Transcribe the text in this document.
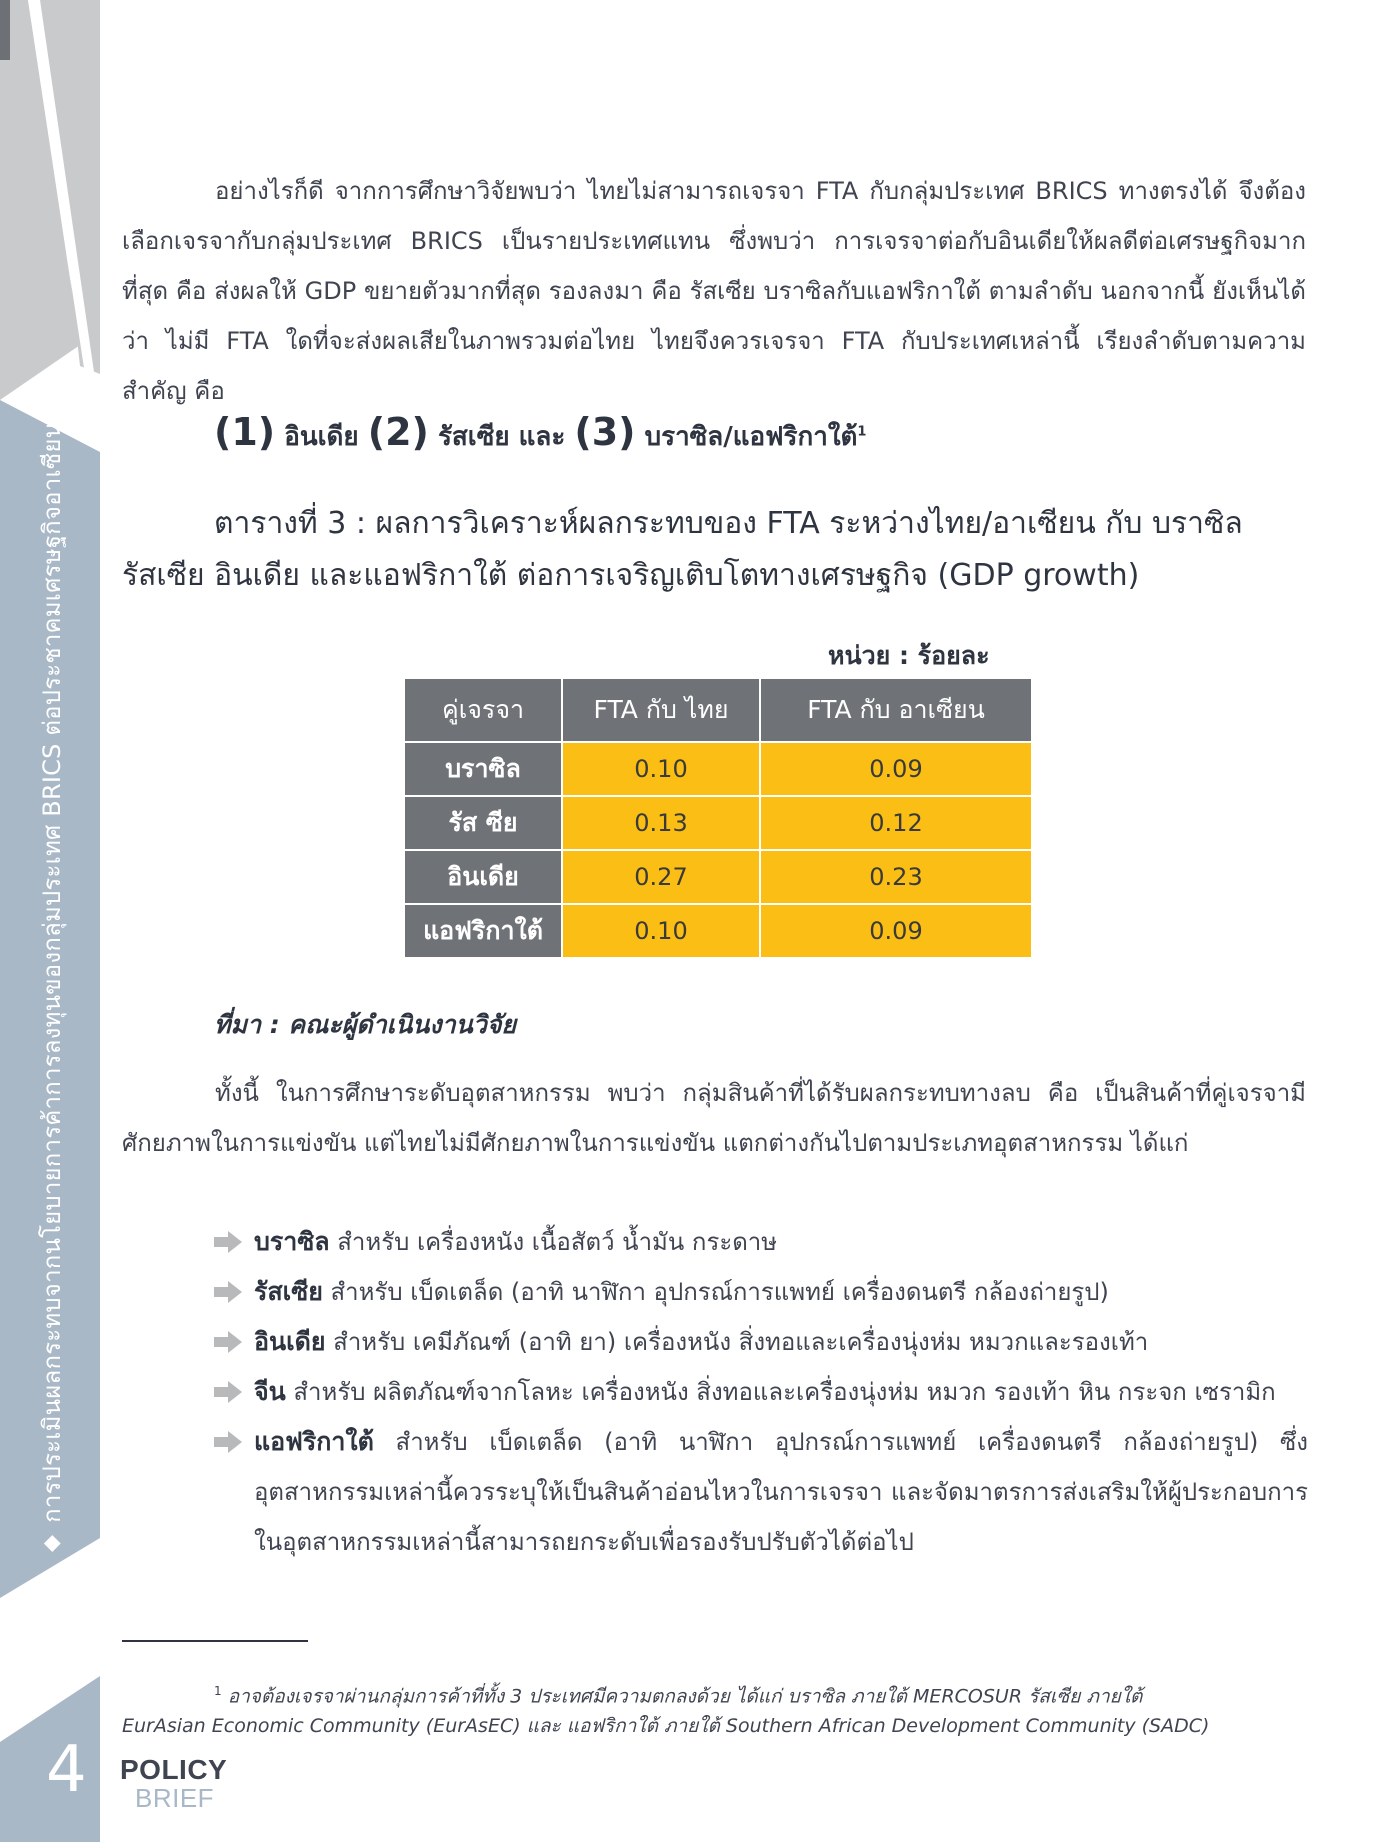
◆
การประเมินผลกระทบจากนโยบายการค้าการลงทุนของกลุ่มประเทศ BRICS ต่อประชาคมเศรษฐกิจอาเซียน
4 POLICY
BRIEF

อย่างไรก็ดี จากการศึกษาวิจัยพบว่า ไทยไม่สามารถเจรจา FTA กับกลุ่มประเทศ BRICS ทางตรงได้ จึงต้องเลือกเจรจากับกลุ่มประเทศ BRICS เป็นรายประเทศแทน ซึ่งพบว่า การเจรจาต่อกับอินเดียให้ผลดีต่อเศรษฐกิจมากที่สุด คือ ส่งผลให้ GDP ขยายตัวมากที่สุด รองลงมา คือ รัสเซีย บราซิลกับแอฟริกาใต้ ตามลำดับ นอกจากนี้ ยังเห็นได้ว่า ไม่มี FTA ใดที่จะส่งผลเสียในภาพรวมต่อไทย ไทยจึงควรเจรจา FTA กับประเทศเหล่านี้ เรียงลำดับตามความสำคัญ คือ

(1) อินเดีย (2) รัสเซีย และ (3) บราซิล/แอฟริกาใต้$^1$
ตารางที่ 3 : ผลการวิเคราะห์ผลกระทบของ FTA ระหว่างไทย/อาเซียน กับ บราซิล รัสเซีย อินเดีย และแอฟริกาใต้ ต่อการเจริญเติบโตทางเศรษฐกิจ (GDP growth)
หน่วย : ร้อยละ
คู่เจรจา	FTA กับ ไทย	FTA กับ อาเซียน
บราซิล	0.10	0.09
รัส ซีย	0.13	0.12
อินเดีย	0.27	0.23
แอฟริกาใต้	0.10	0.09
ที่มา : คณะผู้ดำเนินงานวิจัย

ทั้งนี้ ในการศึกษาระดับอุตสาหกรรม พบว่า กลุ่มสินค้าที่ได้รับผลกระทบทางลบ คือ เป็นสินค้าที่คู่เจรจามีศักยภาพในการแข่งขัน แต่ไทยไม่มีศักยภาพในการแข่งขัน แตกต่างกันไปตามประเภทอุตสาหกรรม ได้แก่

บราซิล สำหรับ เครื่องหนัง เนื้อสัตว์ น้ำมัน กระดาษ
รัสเซีย สำหรับ เบ็ดเตล็ด (อาทิ นาฬิกา อุปกรณ์การแพทย์ เครื่องดนตรี กล้องถ่ายรูป)
อินเดีย สำหรับ เคมีภัณฑ์ (อาทิ ยา) เครื่องหนัง สิ่งทอและเครื่องนุ่งห่ม หมวกและรองเท้า
จีน สำหรับ ผลิตภัณฑ์จากโลหะ เครื่องหนัง สิ่งทอและเครื่องนุ่งห่ม หมวก รองเท้า หิน กระจก เซรามิก
แอฟริกาใต้ สำหรับ เบ็ดเตล็ด (อาทิ นาฬิกา อุปกรณ์การแพทย์ เครื่องดนตรี กล้องถ่ายรูป) ซึ่งอุตสาหกรรมเหล่านี้ควรระบุให้เป็นสินค้าอ่อนไหวในการเจรจา และจัดมาตรการส่งเสริมให้ผู้ประกอบการในอุตสาหกรรมเหล่านี้สามารถยกระดับเพื่อรองรับปรับตัวได้ต่อไป
$^1$ อาจต้องเจรจาผ่านกลุ่มการค้าที่ทั้ง 3 ประเทศมีความตกลงด้วย ได้แก่ บราซิล ภายใต้ MERCOSUR รัสเซีย ภายใต้
EurAsian Economic Community (EurAsEC) และ แอฟริกาใต้ ภายใต้ Southern African Development Community (SADC)
